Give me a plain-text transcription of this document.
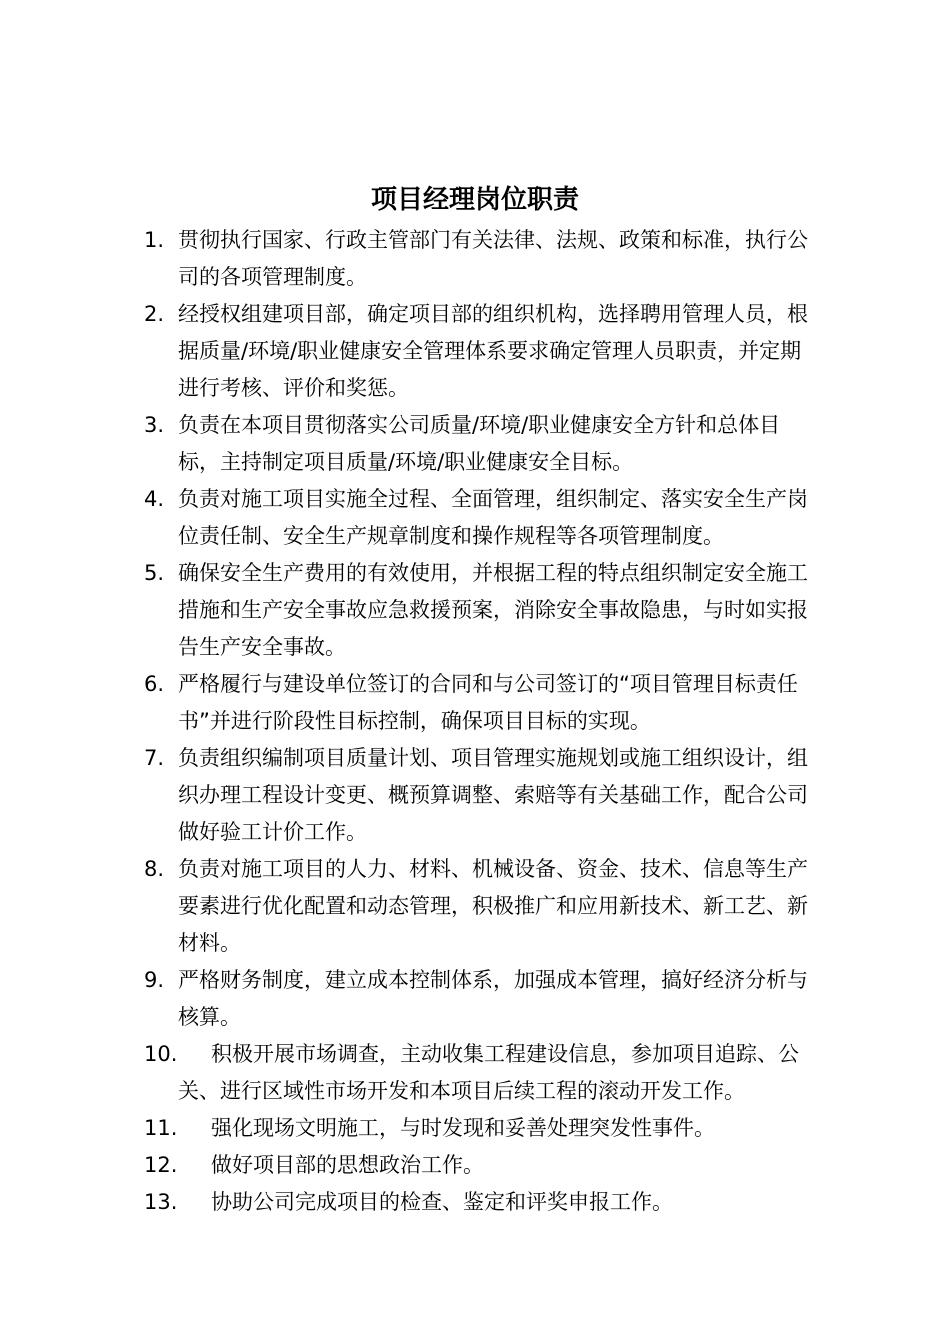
项目经理岗位职责
1. 贯彻执行国家、行政主管部门有关法律、法规、政策和标准，执行公司的各项管理制度。
2. 经授权组建项目部，确定项目部的组织机构，选择聘用管理人员，根据质量/环境/职业健康安全管理体系要求确定管理人员职责，并定期进行考核、评价和奖惩。
3. 负责在本项目贯彻落实公司质量/环境/职业健康安全方针和总体目标，主持制定项目质量/环境/职业健康安全目标。
4. 负责对施工项目实施全过程、全面管理，组织制定、落实安全生产岗位责任制、安全生产规章制度和操作规程等各项管理制度。
5. 确保安全生产费用的有效使用，并根据工程的特点组织制定安全施工措施和生产安全事故应急救援预案，消除安全事故隐患，与时如实报告生产安全事故。
6. 严格履行与建设单位签订的合同和与公司签订的“项目管理目标责任书”并进行阶段性目标控制，确保项目目标的实现。
7. 负责组织编制项目质量计划、项目管理实施规划或施工组织设计，组织办理工程设计变更、概预算调整、索赔等有关基础工作，配合公司做好验工计价工作。
8. 负责对施工项目的人力、材料、机械设备、资金、技术、信息等生产要素进行优化配置和动态管理，积极推广和应用新技术、新工艺、新材料。
9. 严格财务制度，建立成本控制体系，加强成本管理，搞好经济分析与核算。
10.	积极开展市场调查，主动收集工程建设信息，参加项目追踪、公关、进行区域性市场开发和本项目后续工程的滚动开发工作。
11.	强化现场文明施工，与时发现和妥善处理突发性事件。
12.	做好项目部的思想政治工作。
13.	协助公司完成项目的检查、鉴定和评奖申报工作。
